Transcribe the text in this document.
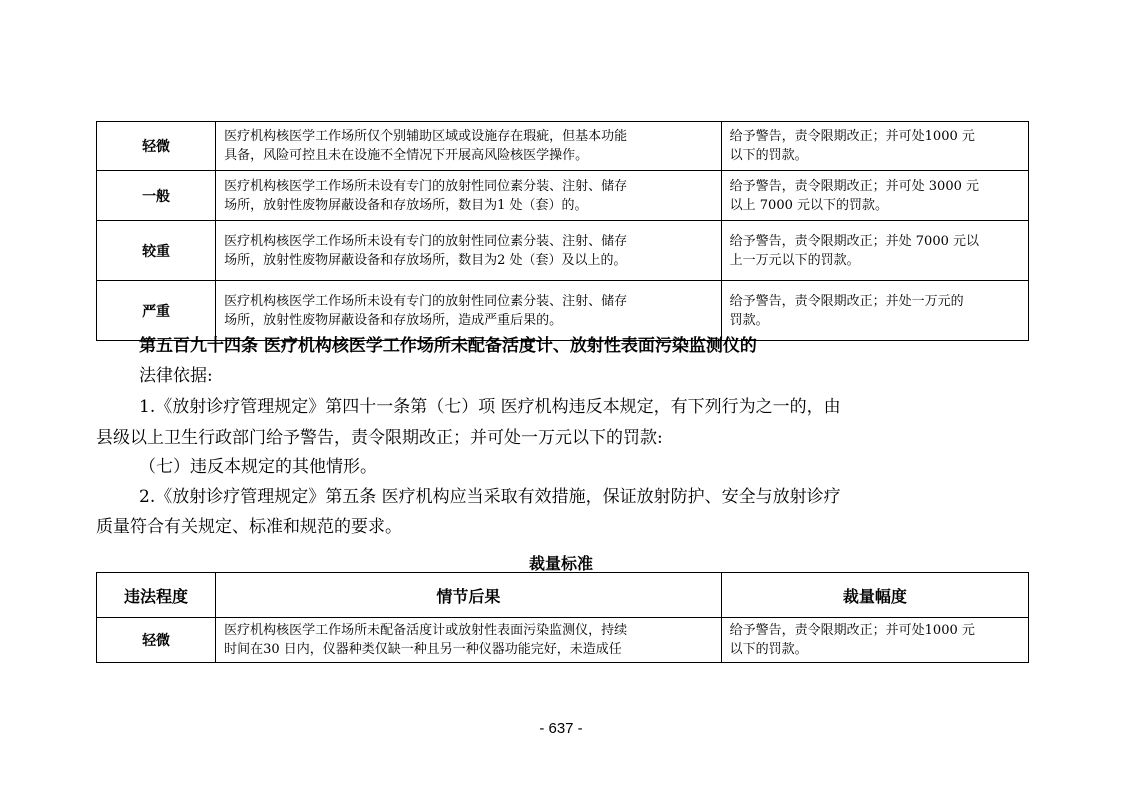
轻微	医疗机构核医学工作场所仅个别辅助区域或设施存在瑕疵，但基本功能
具备，风险可控且未在设施不全情况下开展高风险核医学操作。	给予警告，责令限期改正；并可处1000 元
以下的罚款。
一般	医疗机构核医学工作场所未设有专门的放射性同位素分装、注射、储存
场所，放射性废物屏蔽设备和存放场所，数目为1 处（套）的。	给予警告，责令限期改正；并可处 3000 元
以上 7000 元以下的罚款。
较重	医疗机构核医学工作场所未设有专门的放射性同位素分装、注射、储存
场所，放射性废物屏蔽设备和存放场所，数目为2 处（套）及以上的。	给予警告，责令限期改正；并处 7000 元以
上一万元以下的罚款。
严重	医疗机构核医学工作场所未设有专门的放射性同位素分装、注射、储存
场所，放射性废物屏蔽设备和存放场所，造成严重后果的。	给予警告，责令限期改正；并处一万元的
罚款。
第五百九十四条 医疗机构核医学工作场所未配备活度计、放射性表面污染监测仪的
法律依据:
1.《放射诊疗管理规定》第四十一条第（七）项 医疗机构违反本规定，有下列行为之一的，由
县级以上卫生行政部门给予警告，责令限期改正；并可处一万元以下的罚款:
（七）违反本规定的其他情形。
2.《放射诊疗管理规定》第五条 医疗机构应当采取有效措施，保证放射防护、安全与放射诊疗
质量符合有关规定、标准和规范的要求。
裁量标准
违法程度	情节后果	裁量幅度
轻微	医疗机构核医学工作场所未配备活度计或放射性表面污染监测仪，持续
时间在30 日内，仪器种类仅缺一种且另一种仪器功能完好，未造成任	给予警告，责令限期改正；并可处1000 元
以下的罚款。
- 637 -
